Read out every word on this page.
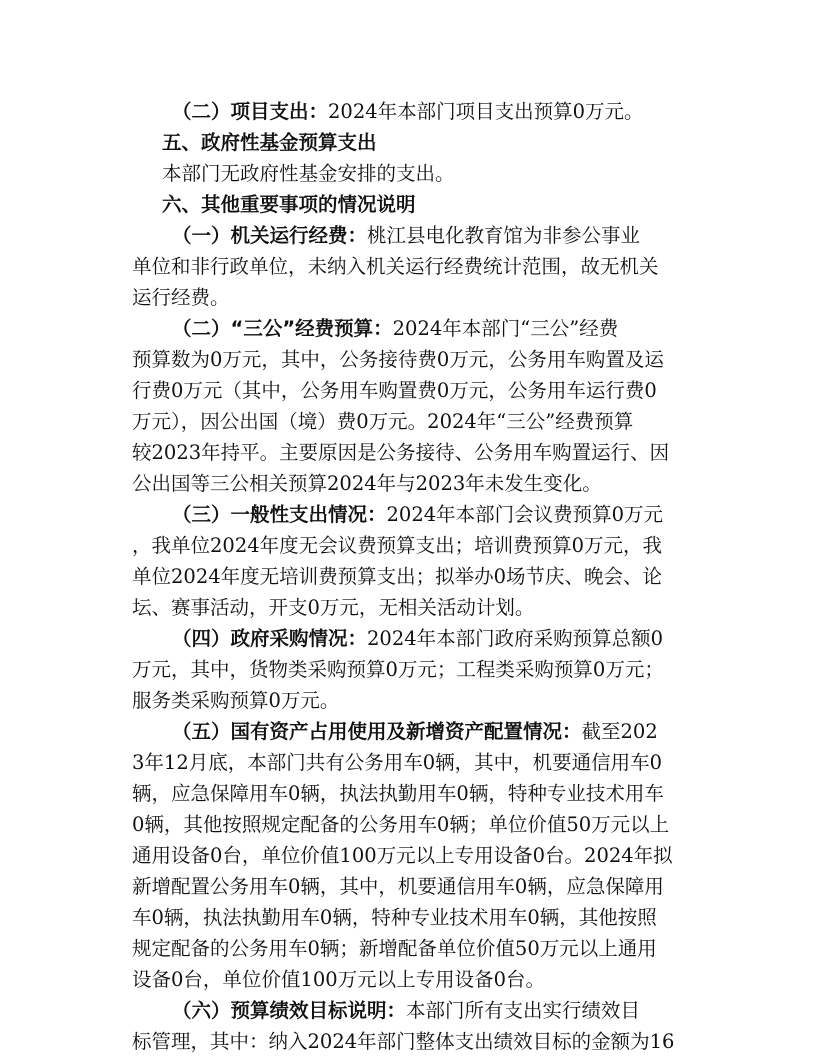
（二）项目支出：2024年本部门项目支出预算0万元。
五、政府性基金预算支出
本部门无政府性基金安排的支出。
六、其他重要事项的情况说明
（一）机关运行经费：桃江县电化教育馆为非参公事业
单位和非行政单位，未纳入机关运行经费统计范围，故无机关
运行经费。
（二）“三公”经费预算：2024年本部门“三公”经费
预算数为0万元，其中，公务接待费0万元，公务用车购置及运
行费0万元（其中，公务用车购置费0万元，公务用车运行费0
万元），因公出国（境）费0万元。2024年“三公”经费预算
较2023年持平。主要原因是公务接待、公务用车购置运行、因
公出国等三公相关预算2024年与2023年未发生变化。
（三）一般性支出情况：2024年本部门会议费预算0万元
，我单位2024年度无会议费预算支出；培训费预算0万元，我
单位2024年度无培训费预算支出；拟举办0场节庆、晚会、论
坛、赛事活动，开支0万元，无相关活动计划。
（四）政府采购情况：2024年本部门政府采购预算总额0
万元，其中，货物类采购预算0万元；工程类采购预算0万元；
服务类采购预算0万元。
（五）国有资产占用使用及新增资产配置情况：截至202
3年12月底，本部门共有公务用车0辆，其中，机要通信用车0
辆，应急保障用车0辆，执法执勤用车0辆，特种专业技术用车
0辆，其他按照规定配备的公务用车0辆；单位价值50万元以上
通用设备0台，单位价值100万元以上专用设备0台。2024年拟
新增配置公务用车0辆，其中，机要通信用车0辆，应急保障用
车0辆，执法执勤用车0辆，特种专业技术用车0辆，其他按照
规定配备的公务用车0辆；新增配备单位价值50万元以上通用
设备0台，单位价值100万元以上专用设备0台。
（六）预算绩效目标说明：本部门所有支出实行绩效目
标管理，其中：纳入2024年部门整体支出绩效目标的金额为16
